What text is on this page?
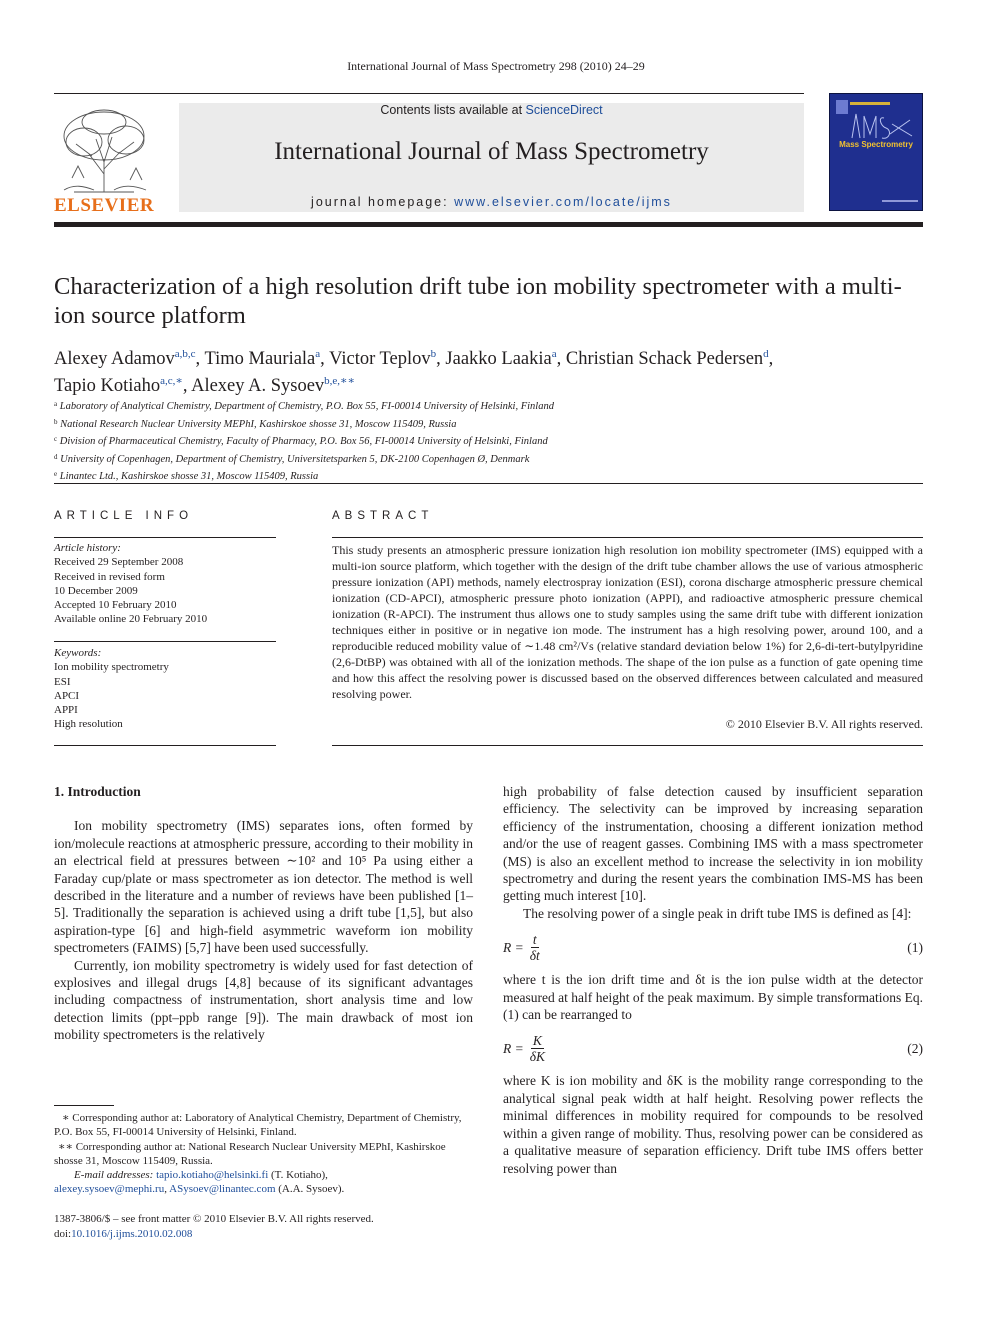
International Journal of Mass Spectrometry 298 (2010) 24–29
ELSEVIER
Contents lists available at ScienceDirect
International Journal of Mass Spectrometry
journal homepage: www.elsevier.com/locate/ijms
Mass Spectrometry
Characterization of a high resolution drift tube ion mobility spectrometer with a multi-ion source platform
Alexey Adamov$^{a,b,c}$, Timo Mauriala$^a$, Victor Teplov$^b$, Jaakko Laakia$^a$, Christian Schack Pedersen$^d$,
Tapio Kotiaho$^{a,c,∗}$, Alexey A. Sysoev$^{b,e,∗∗}$
$^a$ Laboratory of Analytical Chemistry, Department of Chemistry, P.O. Box 55, FI-00014 University of Helsinki, Finland
$^b$ National Research Nuclear University MEPhI, Kashirskoe shosse 31, Moscow 115409, Russia
$^c$ Division of Pharmaceutical Chemistry, Faculty of Pharmacy, P.O. Box 56, FI-00014 University of Helsinki, Finland
$^d$ University of Copenhagen, Department of Chemistry, Universitetsparken 5, DK-2100 Copenhagen Ø, Denmark
$^e$ Linantec Ltd., Kashirskoe shosse 31, Moscow 115409, Russia
ARTICLE INFO
Article history:
Received 29 September 2008
Received in revised form
10 December 2009
Accepted 10 February 2010
Available online 20 February 2010
Keywords:
Ion mobility spectrometry
ESI
APCI
APPI
High resolution
ABSTRACT
This study presents an atmospheric pressure ionization high resolution ion mobility spectrometer (IMS) equipped with a multi-ion source platform, which together with the design of the drift tube chamber allows the use of various atmospheric pressure ionization (API) methods, namely electrospray ionization (ESI), corona discharge atmospheric pressure chemical ionization (CD-APCI), atmospheric pressure photo ionization (APPI), and radioactive atmospheric pressure chemical ionization (R-APCI). The instrument thus allows one to study samples using the same drift tube with different ionization techniques either in positive or in negative ion mode. The instrument has a high resolving power, around 100, and a reproducible reduced mobility value of ∼1.48 cm²/Vs (relative standard deviation below 1%) for 2,6-di-tert-butylpyridine (2,6-DtBP) was obtained with all of the ionization methods. The shape of the ion pulse as a function of gate opening time and how this affect the resolving power is discussed based on the observed differences between calculated and measured resolving power.
© 2010 Elsevier B.V. All rights reserved.
1. Introduction

Ion mobility spectrometry (IMS) separates ions, often formed by ion/molecule reactions at atmospheric pressure, according to their mobility in an electrical field at pressures between ∼10² and 10⁵ Pa using either a Faraday cup/plate or mass spectrometer as ion detector. The method is well described in the literature and a number of reviews have been published [1–5]. Traditionally the separation is achieved using a drift tube [1,5], but also aspiration-type [6] and high-field asymmetric waveform ion mobility spectrometers (FAIMS) [5,7] have been used successfully.

Currently, ion mobility spectrometry is widely used for fast detection of explosives and illegal drugs [4,8] because of its significant advantages including compactness of instrumentation, short analysis time and low detection limits (ppt–ppb range [9]). The main drawback of most ion mobility spectrometers is the relatively

high probability of false detection caused by insufficient separation efficiency. The selectivity can be improved by increasing separation efficiency of the instrumentation, choosing a different ionization method and/or the use of reagent gasses. Combining IMS with a mass spectrometer (MS) is also an excellent method to increase the selectivity in ion mobility spectrometry and during the resent years the combination IMS-MS has been getting much interest [10].

The resolving power of a single peak in drift tube IMS is defined as [4]:

$R = \frac{t}{\delta t}$	(1)

where t is the ion drift time and δt is the ion pulse width at the detector measured at half height of the peak maximum. By simple transformations Eq. (1) can be rearranged to

$R = \frac{K}{\delta K}$	(2)

where K is ion mobility and δK is the mobility range corresponding to the analytical signal peak width at half height. Resolving power reflects the minimal differences in mobility required for compounds to be resolved within a given range of mobility. Thus, resolving power can be considered as a qualitative measure of separation efficiency. Drift tube IMS offers better resolving power than

∗ Corresponding author at: Laboratory of Analytical Chemistry, Department of Chemistry, P.O. Box 55, FI-00014 University of Helsinki, Finland.
∗∗ Corresponding author at: National Research Nuclear University MEPhI, Kashirskoe shosse 31, Moscow 115409, Russia.
E-mail addresses: tapio.kotiaho@helsinki.fi (T. Kotiaho),
alexey.sysoev@mephi.ru, ASysoev@linantec.com (A.A. Sysoev).
1387-3806/$ – see front matter © 2010 Elsevier B.V. All rights reserved.
doi:10.1016/j.ijms.2010.02.008
